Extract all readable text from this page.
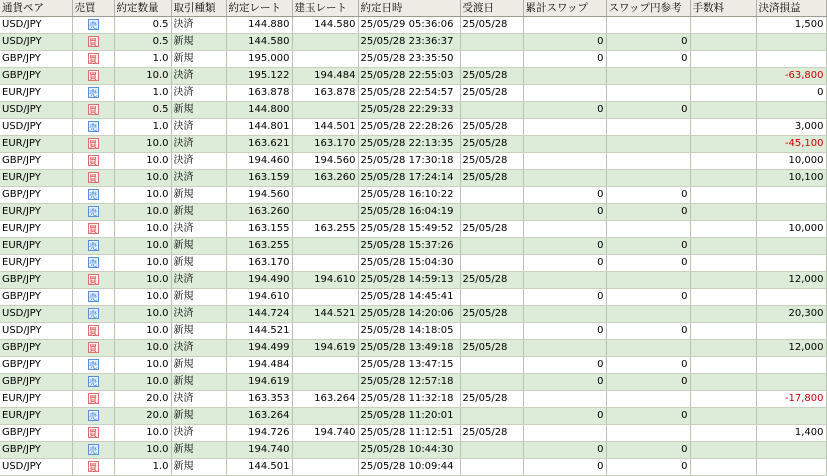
通貨ペア	売買	約定数量	取引種類	約定レート	建玉レート	約定日時	受渡日	累計スワップ	スワップ円参考	手数料	決済損益
USD/JPY	売	0.5	決済	144.880	144.580	25/05/29 05:36:06	25/05/28				1,500
USD/JPY	買	0.5	新規	144.580		25/05/28 23:36:37		0	0		
GBP/JPY	買	1.0	新規	195.000		25/05/28 23:35:50		0	0		
GBP/JPY	買	10.0	決済	195.122	194.484	25/05/28 22:55:03	25/05/28				-63,800
EUR/JPY	売	1.0	決済	163.878	163.878	25/05/28 22:54:57	25/05/28				0
USD/JPY	買	0.5	新規	144.800		25/05/28 22:29:33		0	0		
USD/JPY	売	1.0	決済	144.801	144.501	25/05/28 22:28:26	25/05/28				3,000
EUR/JPY	買	10.0	決済	163.621	163.170	25/05/28 22:13:35	25/05/28				-45,100
GBP/JPY	買	10.0	決済	194.460	194.560	25/05/28 17:30:18	25/05/28				10,000
EUR/JPY	買	10.0	決済	163.159	163.260	25/05/28 17:24:14	25/05/28				10,100
GBP/JPY	売	10.0	新規	194.560		25/05/28 16:10:22		0	0		
EUR/JPY	売	10.0	新規	163.260		25/05/28 16:04:19		0	0		
EUR/JPY	買	10.0	決済	163.155	163.255	25/05/28 15:49:52	25/05/28				10,000
EUR/JPY	売	10.0	新規	163.255		25/05/28 15:37:26		0	0		
EUR/JPY	売	10.0	新規	163.170		25/05/28 15:04:30		0	0		
GBP/JPY	買	10.0	決済	194.490	194.610	25/05/28 14:59:13	25/05/28				12,000
GBP/JPY	売	10.0	新規	194.610		25/05/28 14:45:41		0	0		
USD/JPY	売	10.0	決済	144.724	144.521	25/05/28 14:20:06	25/05/28				20,300
USD/JPY	買	10.0	新規	144.521		25/05/28 14:18:05		0	0		
GBP/JPY	買	10.0	決済	194.499	194.619	25/05/28 13:49:18	25/05/28				12,000
GBP/JPY	売	10.0	新規	194.484		25/05/28 13:47:15		0	0		
GBP/JPY	売	10.0	新規	194.619		25/05/28 12:57:18		0	0		
EUR/JPY	買	20.0	決済	163.353	163.264	25/05/28 11:32:18	25/05/28				-17,800
EUR/JPY	売	20.0	新規	163.264		25/05/28 11:20:01		0	0		
GBP/JPY	買	10.0	決済	194.726	194.740	25/05/28 11:12:51	25/05/28				1,400
GBP/JPY	売	10.0	新規	194.740		25/05/28 10:44:30		0	0		
USD/JPY	買	1.0	新規	144.501		25/05/28 10:09:44		0	0		
